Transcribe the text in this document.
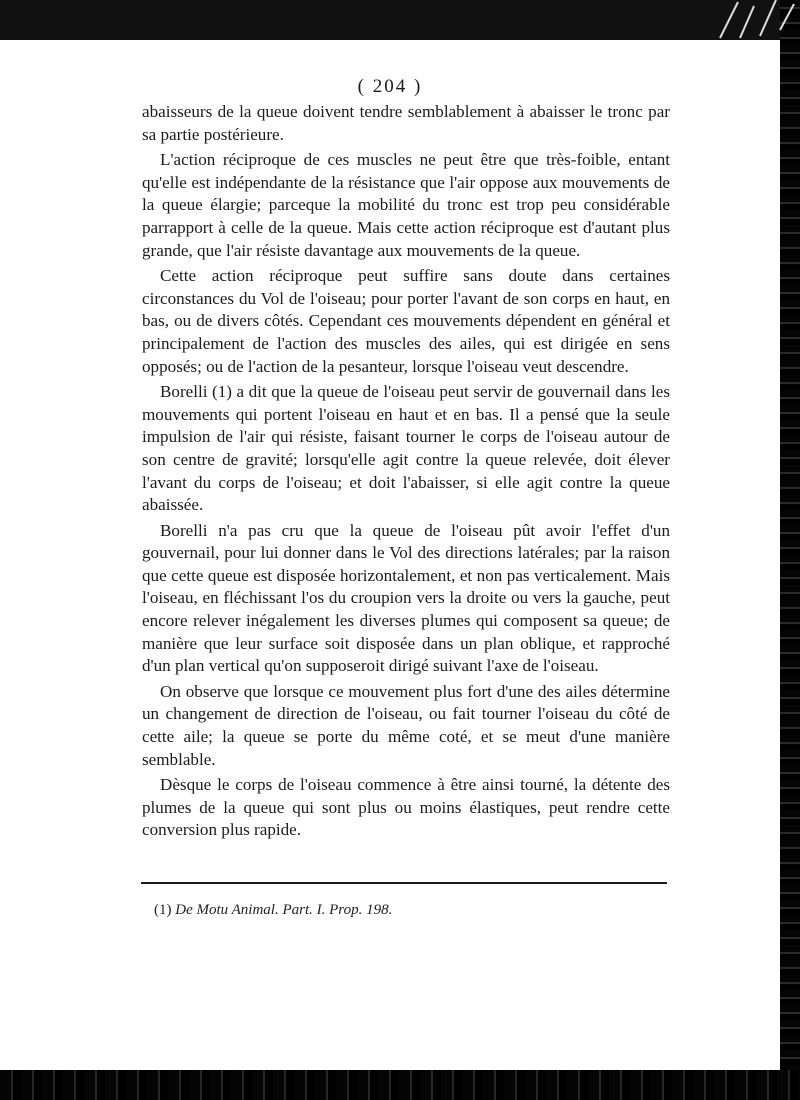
( 204 )

abaisseurs de la queue doivent tendre semblablement à abaisser le tronc par sa partie postérieure.

L'action réciproque de ces muscles ne peut être que très-foible, entant qu'elle est indépendante de la résistance que l'air oppose aux mouvements de la queue élargie; parceque la mobilité du tronc est trop peu considérable parrapport à celle de la queue. Mais cette action réciproque est d'autant plus grande, que l'air résiste davantage aux mouvements de la queue.

Cette action réciproque peut suffire sans doute dans certaines circonstances du Vol de l'oiseau; pour porter l'avant de son corps en haut, en bas, ou de divers côtés. Cependant ces mouvements dépendent en général et principalement de l'action des muscles des ailes, qui est dirigée en sens opposés; ou de l'action de la pesanteur, lorsque l'oiseau veut descendre.

Borelli (1) a dit que la queue de l'oiseau peut servir de gouvernail dans les mouvements qui portent l'oiseau en haut et en bas. Il a pensé que la seule impulsion de l'air qui résiste, faisant tourner le corps de l'oiseau autour de son centre de gravité; lorsqu'elle agit contre la queue relevée, doit élever l'avant du corps de l'oiseau; et doit l'abaisser, si elle agit contre la queue abaissée.

Borelli n'a pas cru que la queue de l'oiseau pût avoir l'effet d'un gouvernail, pour lui donner dans le Vol des directions latérales; par la raison que cette queue est disposée horizontalement, et non pas verticalement. Mais l'oiseau, en fléchissant l'os du croupion vers la droite ou vers la gauche, peut encore relever inégalement les diverses plumes qui composent sa queue; de manière que leur surface soit disposée dans un plan oblique, et rapproché d'un plan vertical qu'on supposeroit dirigé suivant l'axe de l'oiseau.

On observe que lorsque ce mouvement plus fort d'une des ailes détermine un changement de direction de l'oiseau, ou fait tourner l'oiseau du côté de cette aile; la queue se porte du même coté, et se meut d'une manière semblable.

Dèsque le corps de l'oiseau commence à être ainsi tourné, la détente des plumes de la queue qui sont plus ou moins élastiques, peut rendre cette conversion plus rapide.

(1) De Motu Animal. Part. I. Prop. 198.
